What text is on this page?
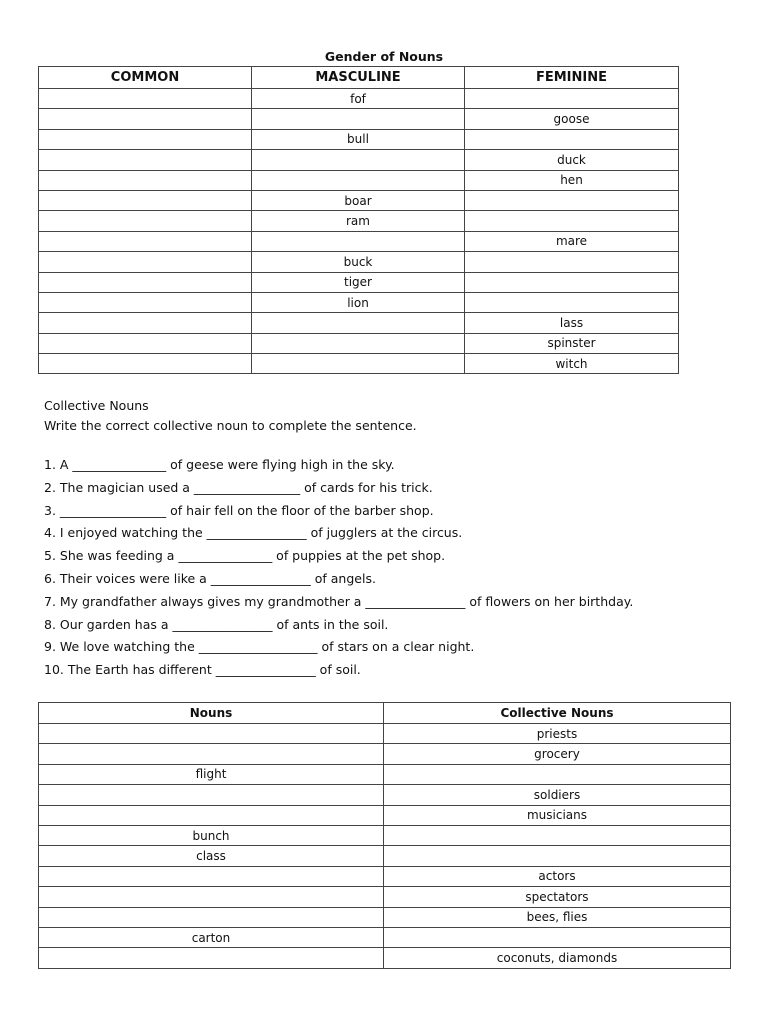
Gender of Nouns
COMMON	MASCULINE	FEMININE
	fof	
		goose
	bull	
		duck
		hen
	boar	
	ram	
		mare
	buck	
	tiger	
	lion	
		lass
		spinster
		witch

Collective Nouns

Write the correct collective noun to complete the sentence.

1. A _______________ of geese were flying high in the sky.
2. The magician used a _________________ of cards for his trick.
3. _________________ of hair fell on the floor of the barber shop.
4. I enjoyed watching the ________________ of jugglers at the circus.
5. She was feeding a _______________ of puppies at the pet shop.
6. Their voices were like a ________________ of angels.
7. My grandfather always gives my grandmother a ________________ of flowers on her birthday.
8. Our garden has a ________________ of ants in the soil.
9. We love watching the ___________________ of stars on a clear night.
10. The Earth has different ________________ of soil.
Nouns	Collective Nouns
	priests
	grocery
flight	
	soldiers
	musicians
bunch	
class	
	actors
	spectators
	bees, flies
carton	
	coconuts, diamonds
